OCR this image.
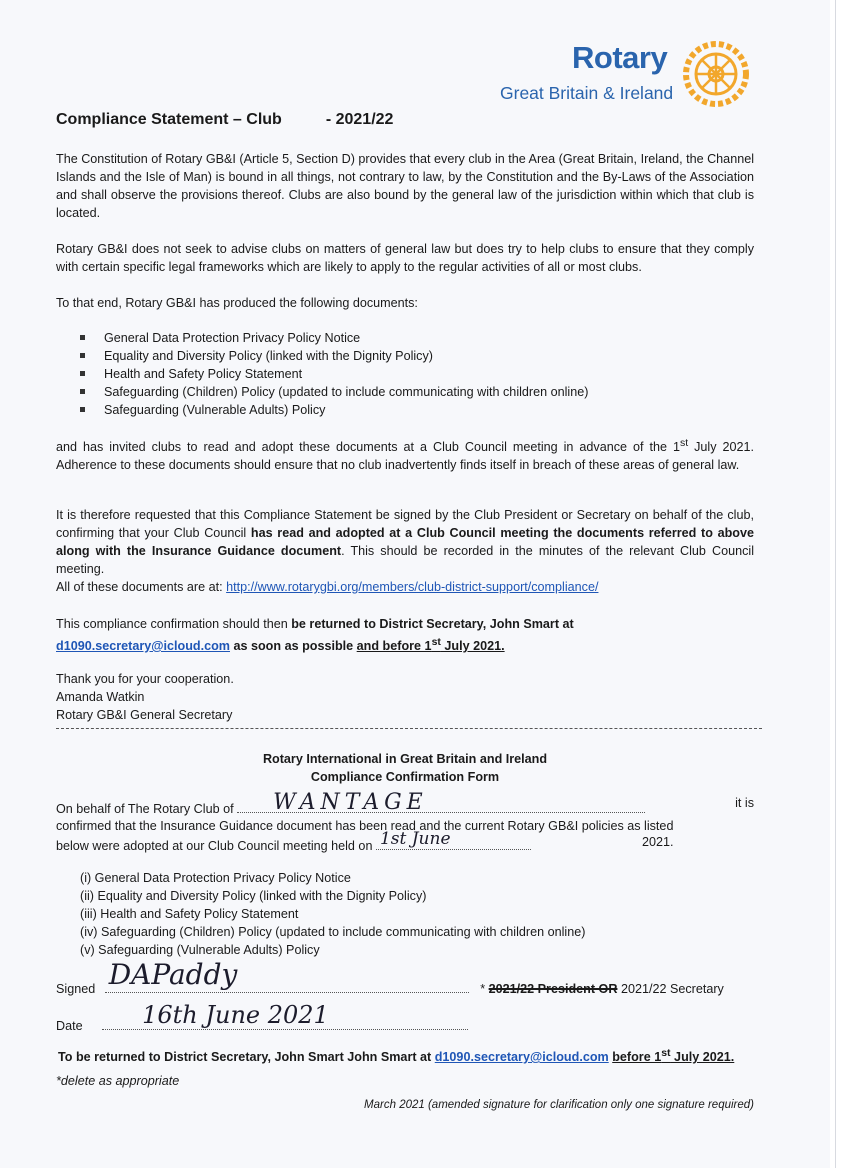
Rotary
Great Britain & Ireland
Compliance Statement – Club	- 2021/22

The Constitution of Rotary GB&I (Article 5, Section D) provides that every club in the Area (Great Britain, Ireland, the Channel Islands and the Isle of Man) is bound in all things, not contrary to law, by the Constitution and the By-Laws of the Association and shall observe the provisions thereof. Clubs are also bound by the general law of the jurisdiction within which that club is located.

Rotary GB&I does not seek to advise clubs on matters of general law but does try to help clubs to ensure that they comply with certain specific legal frameworks which are likely to apply to the regular activities of all or most clubs.

To that end, Rotary GB&I has produced the following documents:

General Data Protection Privacy Policy Notice
Equality and Diversity Policy (linked with the Dignity Policy)
Health and Safety Policy Statement
Safeguarding (Children) Policy (updated to include communicating with children online)
Safeguarding (Vulnerable Adults) Policy

and has invited clubs to read and adopt these documents at a Club Council meeting in advance of the 1st July 2021. Adherence to these documents should ensure that no club inadvertently finds itself in breach of these areas of general law.

It is therefore requested that this Compliance Statement be signed by the Club President or Secretary on behalf of the club, confirming that your Club Council has read and adopted at a Club Council meeting the documents referred to above along with the Insurance Guidance document. This should be recorded in the minutes of the relevant Club Council meeting.

All of these documents are at: http://www.rotarygbi.org/members/club-district-support/compliance/

This compliance confirmation should then be returned to District Secretary, John Smart at
d1090.secretary@icloud.com as soon as possible and before 1st July 2021.

Thank you for your cooperation.

Amanda Watkin

Rotary GB&I General Secretary

Rotary International in Great Britain and Ireland
Compliance Confirmation Form
On behalf of The Rotary Club of WANTAGE	it is

confirmed that the Insurance Guidance document has been read and the current Rotary GB&I policies as listed

below were adopted at our Club Council meeting held on 1st June	2021.
(i) General Data Protection Privacy Policy Notice
(ii) Equality and Diversity Policy (linked with the Dignity Policy)
(iii) Health and Safety Policy Statement
(iv) Safeguarding (Children) Policy (updated to include communicating with children online)
(v) Safeguarding (Vulnerable Adults) Policy
Signed DAPaddy	* 2021/22 President OR 2021/22 Secretary
Date 16th June 2021
To be returned to District Secretary, John Smart John Smart at d1090.secretary@icloud.com before 1st July 2021.
*delete as appropriate
March 2021 (amended signature for clarification only one signature required)
